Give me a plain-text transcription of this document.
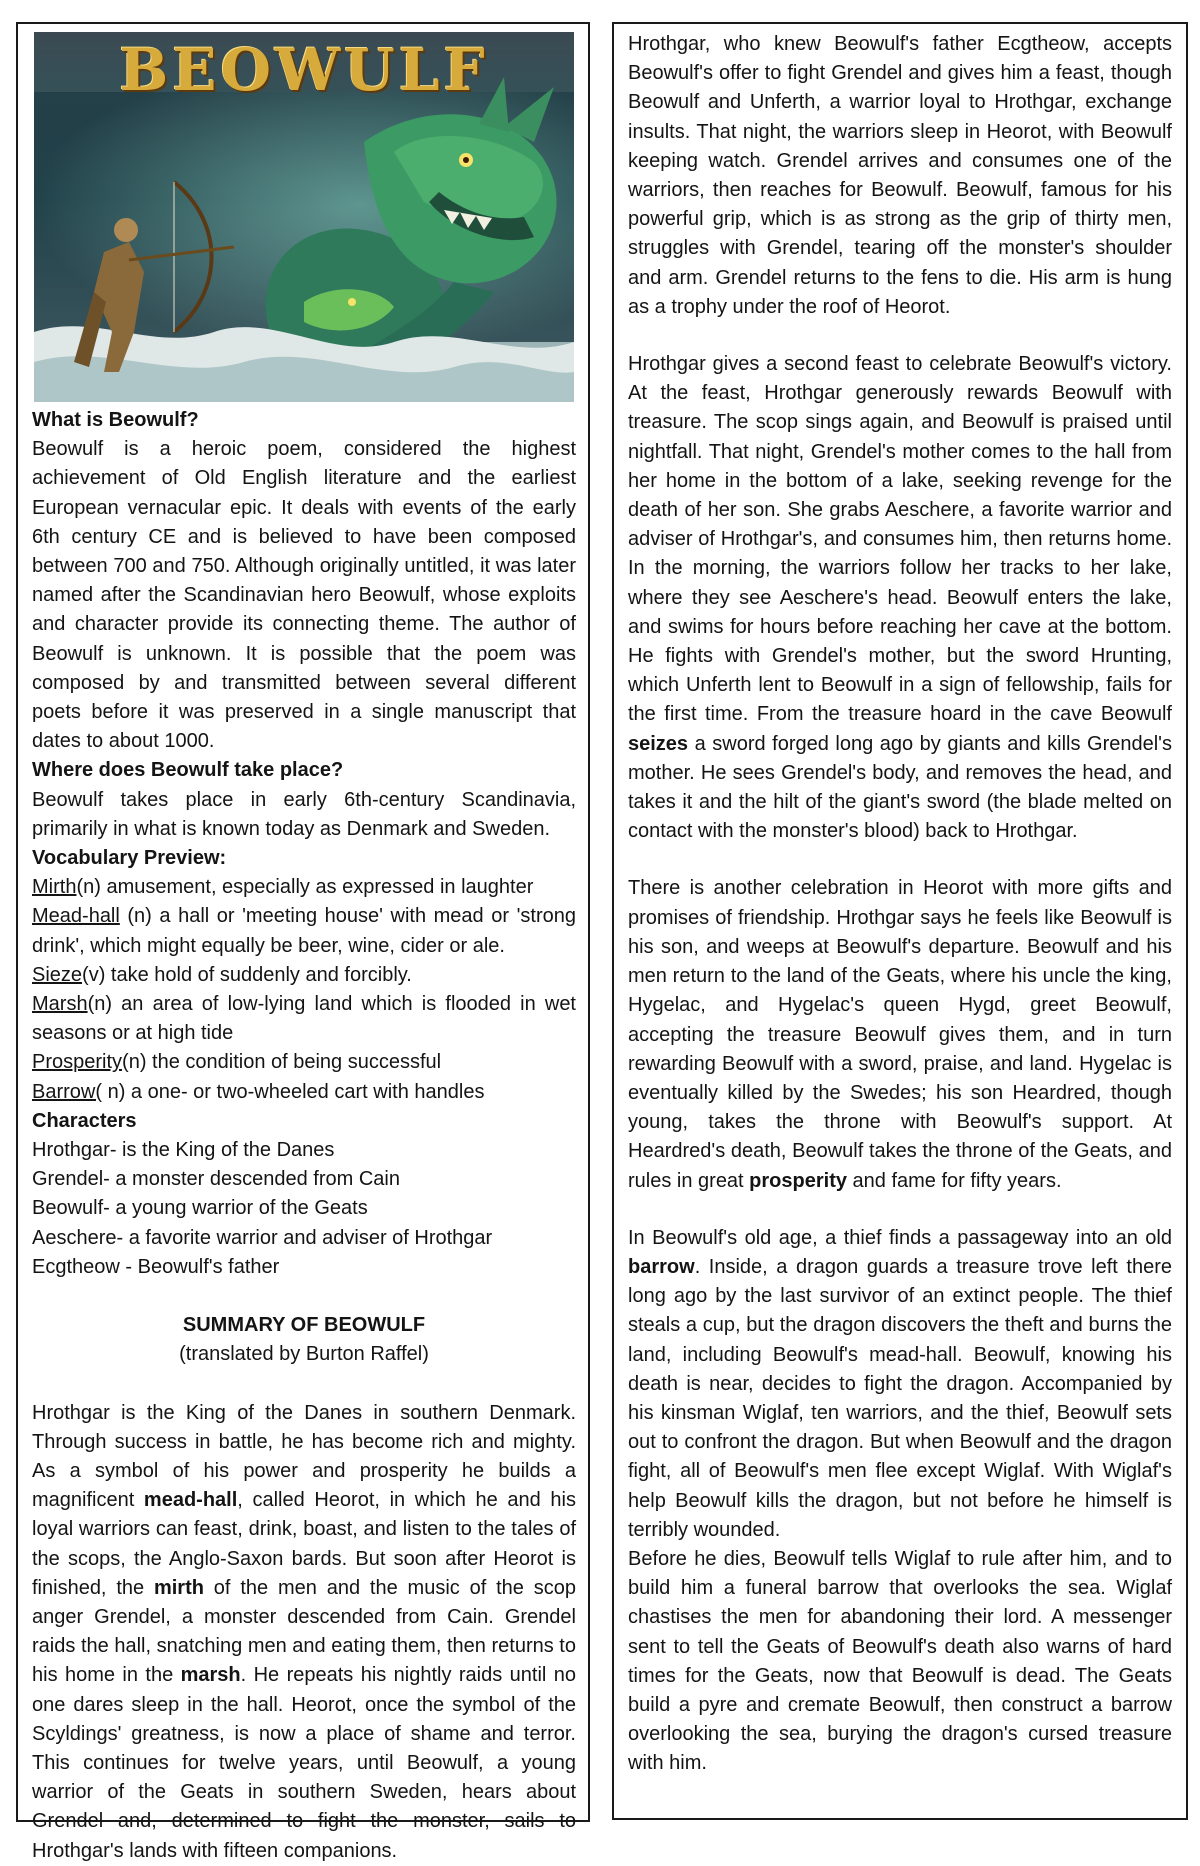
BEOWULF
What is Beowulf?

Beowulf is a heroic poem, considered the highest achievement of Old English literature and the earliest European vernacular epic. It deals with events of the early 6th century CE and is believed to have been composed between 700 and 750. Although originally untitled, it was later named after the Scandinavian hero Beowulf, whose exploits and character provide its connecting theme. The author of Beowulf is unknown. It is possible that the poem was composed by and transmitted between several different poets before it was preserved in a single manuscript that dates to about 1000.

Where does Beowulf take place?

Beowulf takes place in early 6th-century Scandinavia, primarily in what is known today as Denmark and Sweden.

Vocabulary Preview:

Mirth(n) amusement, especially as expressed in laughter

Mead-hall (n) a hall or 'meeting house' with mead or 'strong drink', which might equally be beer, wine, cider or ale.

Sieze(v) take hold of suddenly and forcibly.

Marsh(n) an area of low-lying land which is flooded in wet seasons or at high tide

Prosperity(n) the condition of being successful

Barrow( n) a one- or two-wheeled cart with handles

Characters

Hrothgar- is the King of the Danes

Grendel- a monster descended from Cain

Beowulf- a young warrior of the Geats

Aeschere- a favorite warrior and adviser of Hrothgar

Ecgtheow - Beowulf's father

SUMMARY OF BEOWULF

(translated by Burton Raffel)

Hrothgar is the King of the Danes in southern Denmark. Through success in battle, he has become rich and mighty. As a symbol of his power and prosperity he builds a magnificent mead-hall, called Heorot, in which he and his loyal warriors can feast, drink, boast, and listen to the tales of the scops, the Anglo-Saxon bards. But soon after Heorot is finished, the mirth of the men and the music of the scop anger Grendel, a monster descended from Cain. Grendel raids the hall, snatching men and eating them, then returns to his home in the marsh. He repeats his nightly raids until no one dares sleep in the hall. Heorot, once the symbol of the Scyldings' greatness, is now a place of shame and terror. This continues for twelve years, until Beowulf, a young warrior of the Geats in southern Sweden, hears about Grendel and, determined to fight the monster, sails to Hrothgar's lands with fifteen companions.

Hrothgar, who knew Beowulf's father Ecgtheow, accepts Beowulf's offer to fight Grendel and gives him a feast, though Beowulf and Unferth, a warrior loyal to Hrothgar, exchange insults. That night, the warriors sleep in Heorot, with Beowulf keeping watch. Grendel arrives and consumes one of the warriors, then reaches for Beowulf. Beowulf, famous for his powerful grip, which is as strong as the grip of thirty men, struggles with Grendel, tearing off the monster's shoulder and arm. Grendel returns to the fens to die. His arm is hung as a trophy under the roof of Heorot.

Hrothgar gives a second feast to celebrate Beowulf's victory. At the feast, Hrothgar generously rewards Beowulf with treasure. The scop sings again, and Beowulf is praised until nightfall. That night, Grendel's mother comes to the hall from her home in the bottom of a lake, seeking revenge for the death of her son. She grabs Aeschere, a favorite warrior and adviser of Hrothgar's, and consumes him, then returns home. In the morning, the warriors follow her tracks to her lake, where they see Aeschere's head. Beowulf enters the lake, and swims for hours before reaching her cave at the bottom. He fights with Grendel's mother, but the sword Hrunting, which Unferth lent to Beowulf in a sign of fellowship, fails for the first time. From the treasure hoard in the cave Beowulf seizes a sword forged long ago by giants and kills Grendel's mother. He sees Grendel's body, and removes the head, and takes it and the hilt of the giant's sword (the blade melted on contact with the monster's blood) back to Hrothgar.

There is another celebration in Heorot with more gifts and promises of friendship. Hrothgar says he feels like Beowulf is his son, and weeps at Beowulf's departure. Beowulf and his men return to the land of the Geats, where his uncle the king, Hygelac, and Hygelac's queen Hygd, greet Beowulf, accepting the treasure Beowulf gives them, and in turn rewarding Beowulf with a sword, praise, and land. Hygelac is eventually killed by the Swedes; his son Heardred, though young, takes the throne with Beowulf's support. At Heardred's death, Beowulf takes the throne of the Geats, and rules in great prosperity and fame for fifty years.

In Beowulf's old age, a thief finds a passageway into an old barrow. Inside, a dragon guards a treasure trove left there long ago by the last survivor of an extinct people. The thief steals a cup, but the dragon discovers the theft and burns the land, including Beowulf's mead-hall. Beowulf, knowing his death is near, decides to fight the dragon. Accompanied by his kinsman Wiglaf, ten warriors, and the thief, Beowulf sets out to confront the dragon. But when Beowulf and the dragon fight, all of Beowulf's men flee except Wiglaf. With Wiglaf's help Beowulf kills the dragon, but not before he himself is terribly wounded.

Before he dies, Beowulf tells Wiglaf to rule after him, and to build him a funeral barrow that overlooks the sea. Wiglaf chastises the men for abandoning their lord. A messenger sent to tell the Geats of Beowulf's death also warns of hard times for the Geats, now that Beowulf is dead. The Geats build a pyre and cremate Beowulf, then construct a barrow overlooking the sea, burying the dragon's cursed treasure with him.
